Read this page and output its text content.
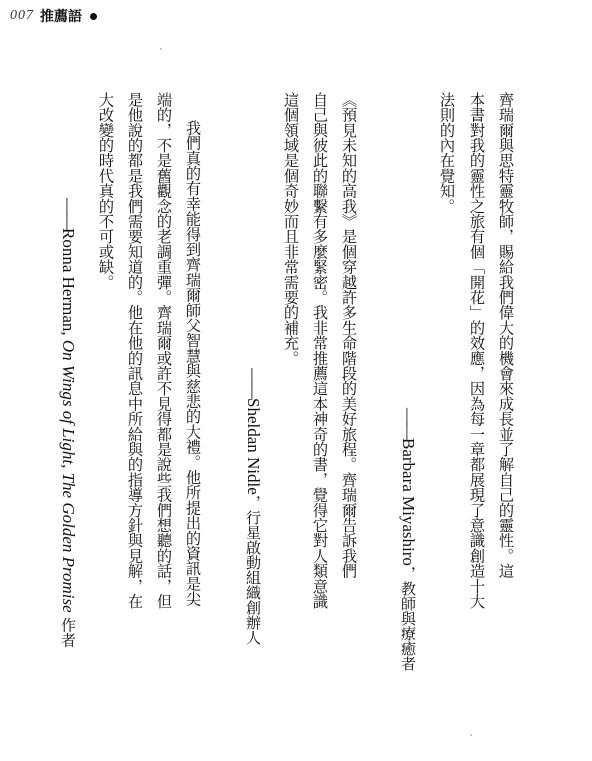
007 推薦語
齊瑞爾與思特靈牧師，賜給我們偉大的機會來成長並了解自己的靈性。這
本書對我的靈性之旅有個「開花」的效應，因為每一章都展現了意識創造十大
法則的內在覺知。
——Barbara Miyashiro，教師與療癒者
《預見未知的高我》是個穿越許多生命階段的美好旅程。齊瑞爾告訴我們
自己與彼此的聯繫有多麼緊密。我非常推薦這本神奇的書，覺得它對人類意識
這個領域是個奇妙而且非常需要的補充。
——Sheldan Nidle，行星啟動組織創辦人
我們真的有幸能得到齊瑞爾師父智慧與慈悲的大禮。他所提出的資訊是尖
端的，不是舊觀念的老調重彈。齊瑞爾或許不見得都是說些我們想聽的話，但
是他說的都是我們需要知道的。他在他的訊息中所給與的指導方針與見解，在
大改變的時代真的不可或缺。
——Ronna Herman, On Wings of Light, The Golden Promise 作者
